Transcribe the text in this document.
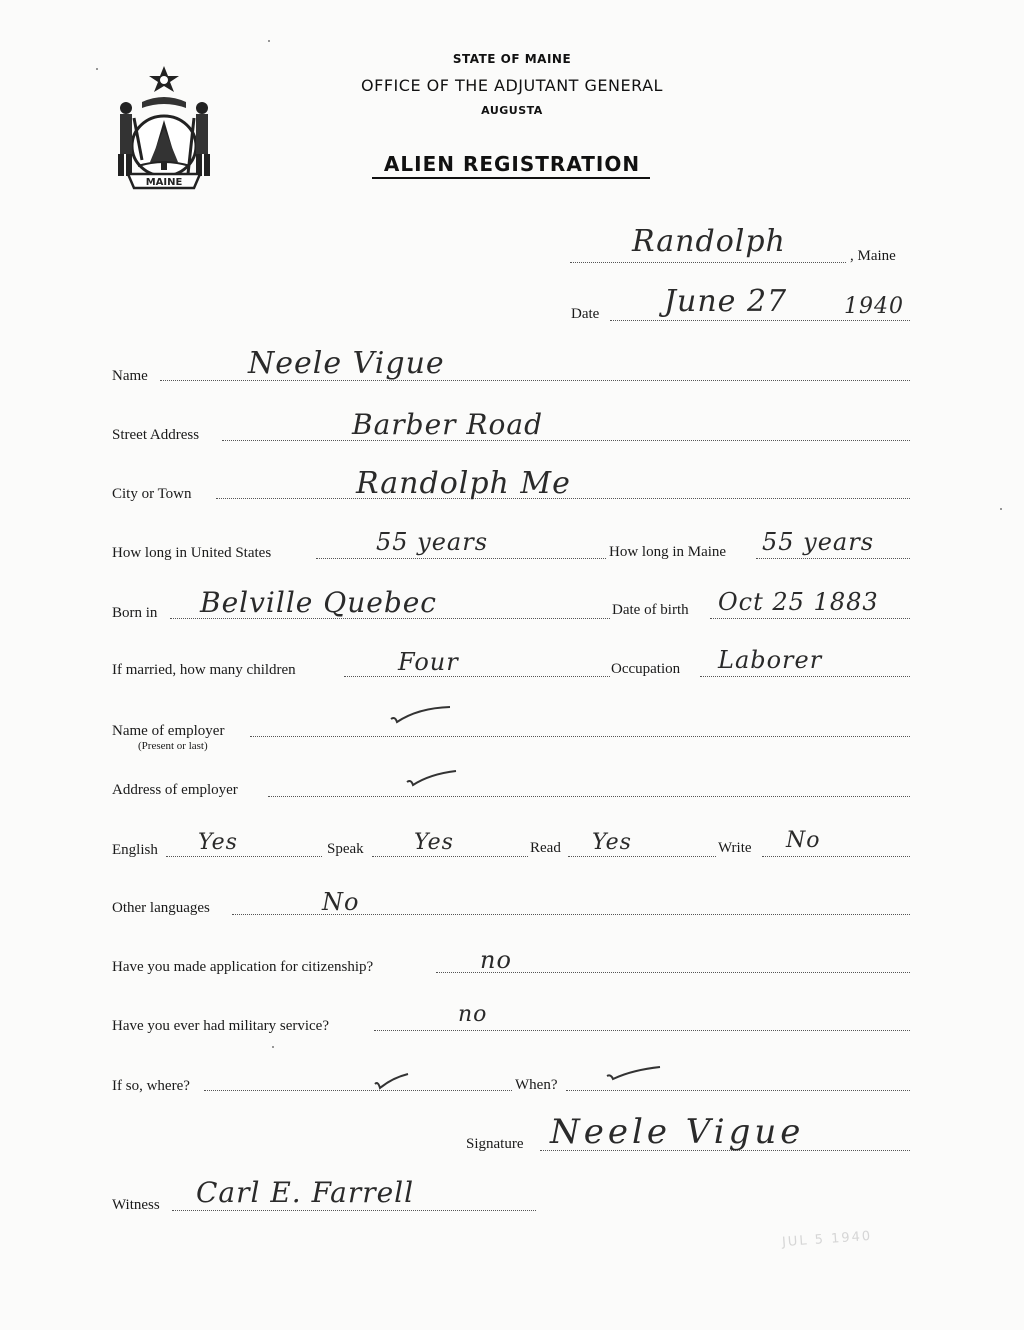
MAINE
STATE OF MAINE
OFFICE OF THE ADJUTANT GENERAL
AUGUSTA
ALIEN REGISTRATION
Randolph	, Maine
Date June 27	1940
Name	Neele Vigue
Street Address	Barber Road
City or Town	Randolph Me
How long in United States	55 years	How long in Maine 55 years
Born in Belville Quebec	Date of birth Oct 25 1883
If married, how many children	Four	Occupation Laborer
Name of employer
(Present or last)
Address of employer
English Yes	Speak Yes	Read Yes	Write No
Other languages	No
Have you made application for citizenship?	no
Have you ever had military service?	no
If so, where?	When?
Signature Neele Vigue
Witness Carl E. Farrell
JUL 5 1940
